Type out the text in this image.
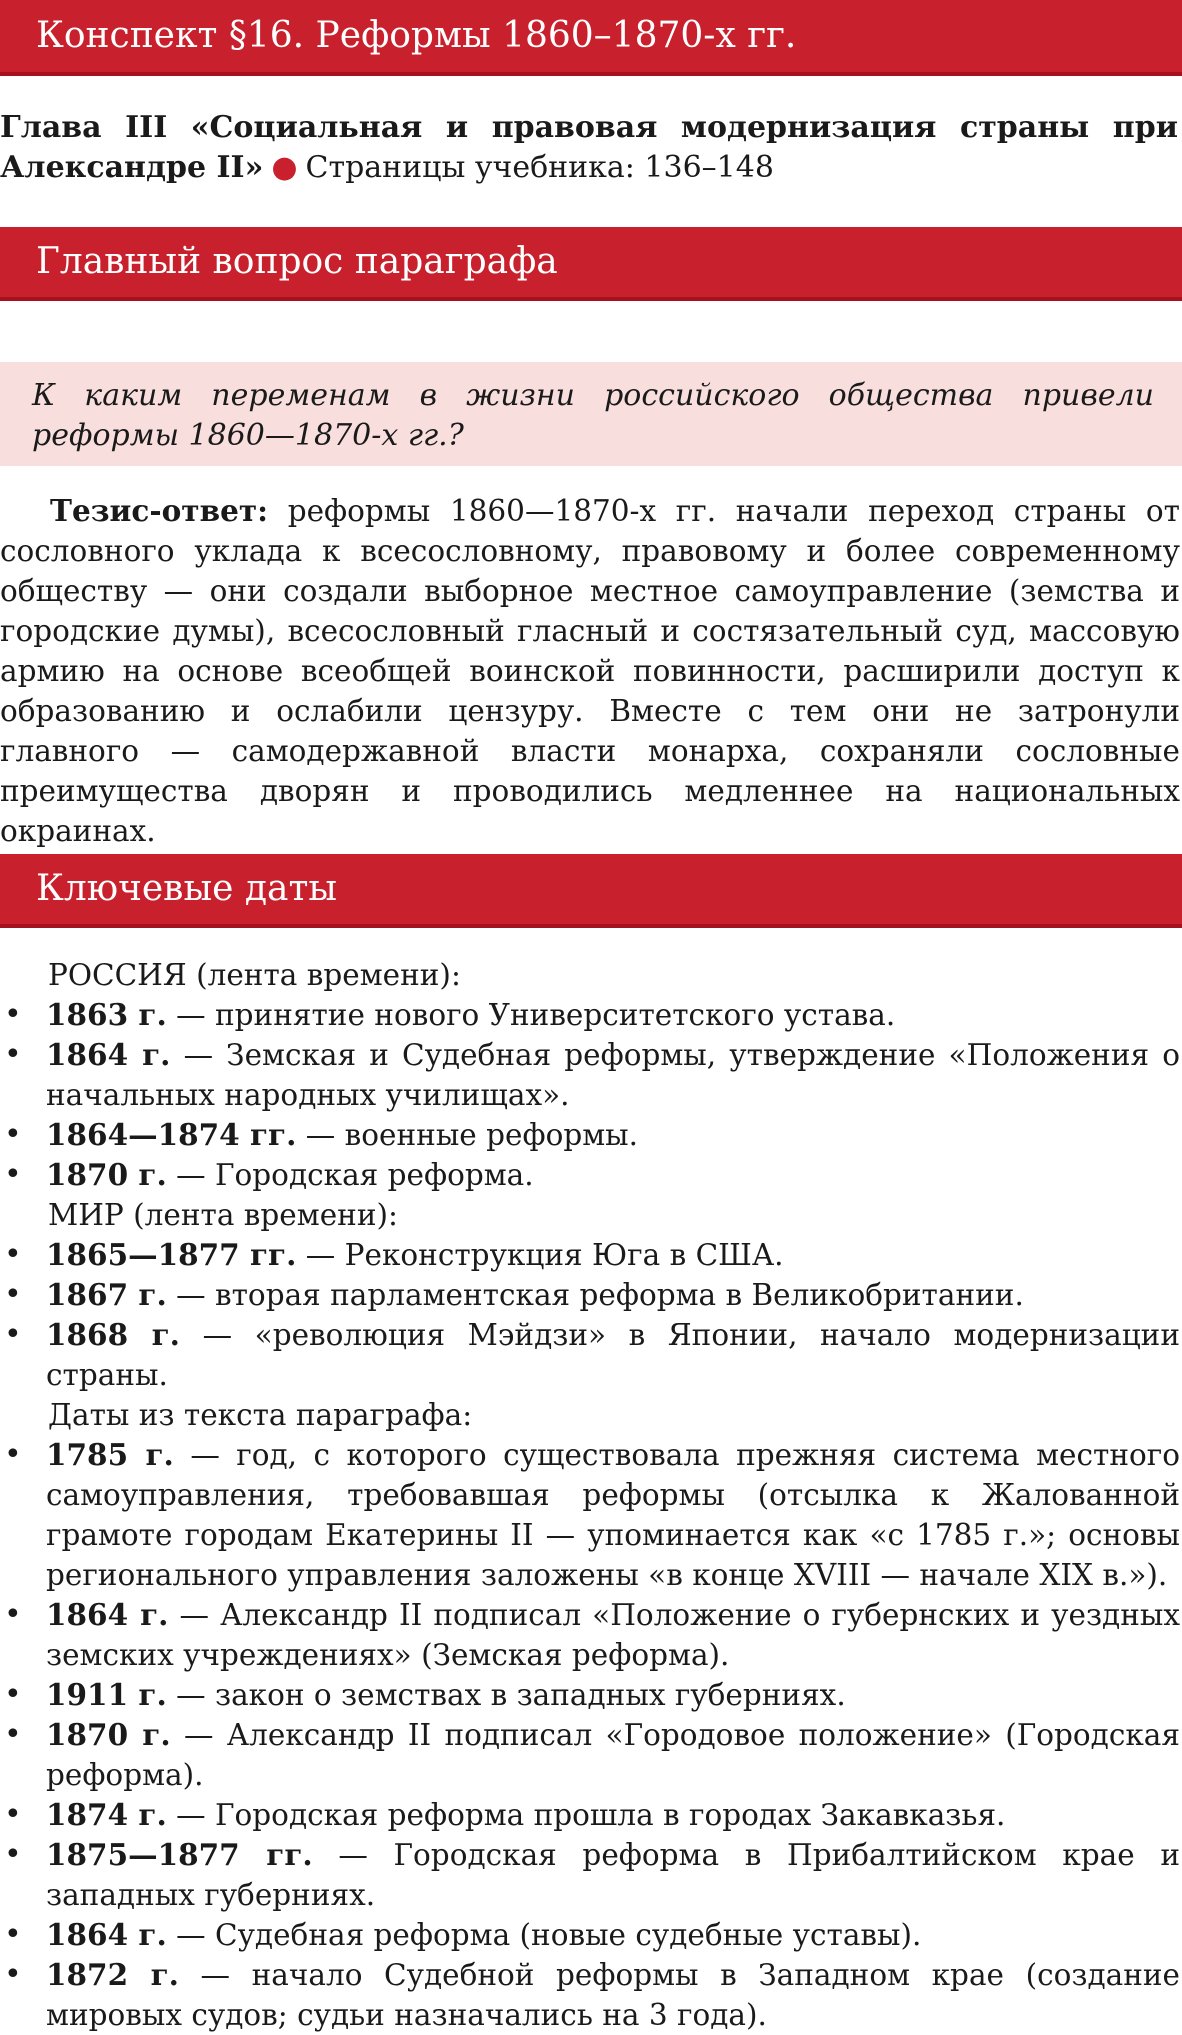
Конспект §16. Реформы 1860–1870-х гг.
Глава III «Социальная и правовая модернизация страны при Александре II» ● Страницы учебника: 136–148
Главный вопрос параграфа
К каким переменам в жизни российского общества привели реформы 1860—1870-х гг.?
Тезис-ответ: реформы 1860—1870-х гг. начали переход страны от сословного уклада к всесословному, правовому и более современному обществу — они создали выборное местное самоуправление (земства и городские думы), всесословный гласный и состязательный суд, массовую армию на основе всеобщей воинской повинности, расширили доступ к образованию и ослабили цензуру. Вместе с тем они не затронули главного — самодержавной власти монарха, сохраняли сословные преимущества дворян и проводились медленнее на национальных окраинах.
Ключевые даты
РОССИЯ (лента времени):
• 1863 г. — принятие нового Университетского устава.
• 1864 г. — Земская и Судебная реформы, утверждение «Положения о начальных народных училищах».
• 1864—1874 гг. — военные реформы.
• 1870 г. — Городская реформа.
МИР (лента времени):
• 1865—1877 гг. — Реконструкция Юга в США.
• 1867 г. — вторая парламентская реформа в Великобритании.
• 1868 г. — «революция Мэйдзи» в Японии, начало модернизации страны.
Даты из текста параграфа:
• 1785 г. — год, с которого существовала прежняя система местного самоуправления, требовавшая реформы (отсылка к Жалованной грамоте городам Екатерины II — упоминается как «с 1785 г.»; основы регионального управления заложены «в конце XVIII — начале XIX в.»).
• 1864 г. — Александр II подписал «Положение о губернских и уездных земских учреждениях» (Земская реформа).
• 1911 г. — закон о земствах в западных губерниях.
• 1870 г. — Александр II подписал «Городовое положение» (Городская реформа).
• 1874 г. — Городская реформа прошла в городах Закавказья.
• 1875—1877 гг. — Городская реформа в Прибалтийском крае и западных губерниях.
• 1864 г. — Судебная реформа (новые судебные уставы).
• 1872 г. — начало Судебной реформы в Западном крае (создание мировых судов; судьи назначались на 3 года).
